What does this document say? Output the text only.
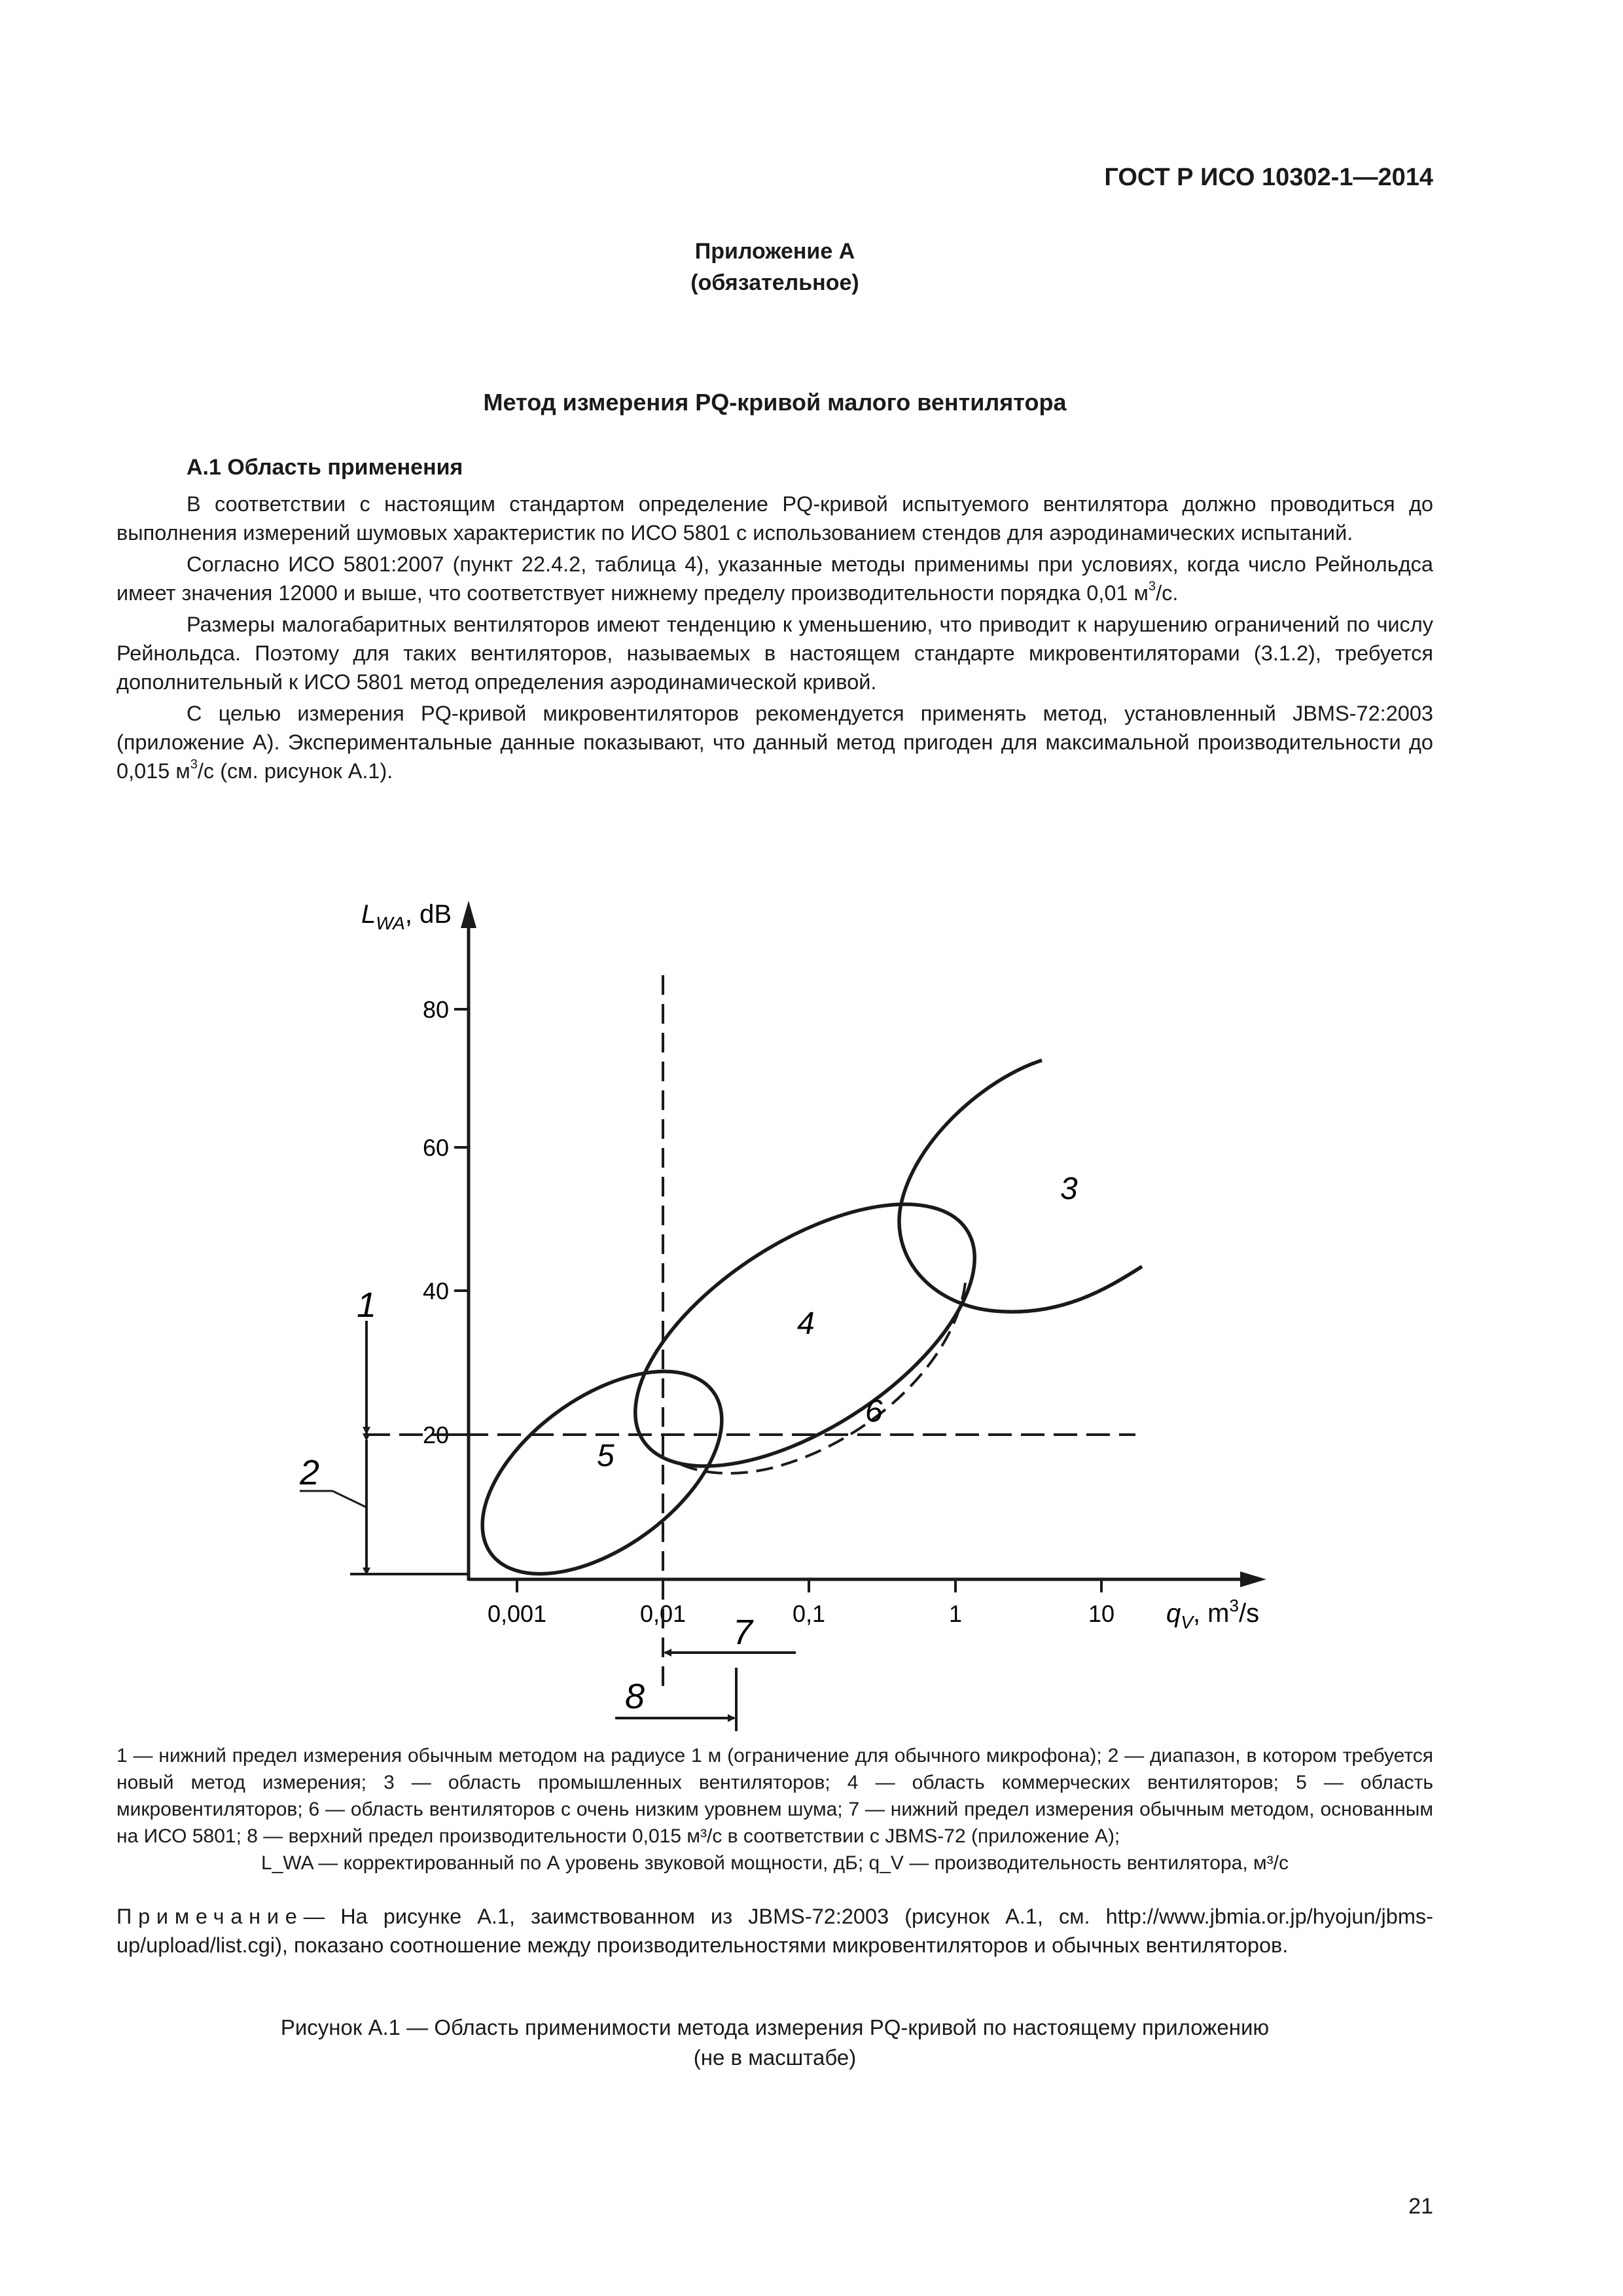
ГОСТ Р ИСО 10302-1—2014
Приложение А
(обязательное)
Метод измерения PQ-кривой малого вентилятора
А.1 Область применения

В соответствии с настоящим стандартом определение PQ-кривой испытуемого вентилятора должно проводиться до выполнения измерений шумовых характеристик по ИСО 5801 с использованием стендов для аэродинамических испытаний.

Согласно ИСО 5801:2007 (пункт 22.4.2, таблица 4), указанные методы применимы при условиях, когда число Рейнольдса имеет значения 12000 и выше, что соответствует нижнему пределу производительности порядка 0,01 $м^3/с$.

Размеры малогабаритных вентиляторов имеют тенденцию к уменьшению, что приводит к нарушению ограничений по числу Рейнольдса. Поэтому для таких вентиляторов, называемых в настоящем стандарте микровентиляторами (3.1.2), требуется дополнительный к ИСО 5801 метод определения аэродинамической кривой.

С целью измерения PQ-кривой микровентиляторов рекомендуется применять метод, установленный JBMS-72:2003 (приложение А). Экспериментальные данные показывают, что данный метод пригоден для максимальной производительности до 0,015 $м^3/с$ (см. рисунок А.1).

80
60
40
20
0,001	0,01	0,1	1	10
$L_{WA}$, dB
$q_V$, $m^3/s$
3
4
5
6
1
2
7
8
1 — нижний предел измерения обычным методом на радиусе 1 м (ограничение для обычного микрофона); 2 — диапазон, в котором требуется новый метод измерения; 3 — область промышленных вентиляторов; 4 — область коммерческих вентиляторов; 5 — область микровентиляторов; 6 — область вентиляторов с очень низким уровнем шума; 7 — нижний предел измерения обычным методом, основанным на ИСО 5801; 8 — верхний предел производительности 0,015 м³/с в соответствии с JBMS-72 (приложение А);
L_WA — корректированный по А уровень звуковой мощности, дБ; q_V — производительность вентилятора, м³/с
Примечание— На рисунке А.1, заимствованном из JBMS-72:2003 (рисунок А.1, см. http://www.jbmia.or.jp/hyojun/jbms-up/upload/list.cgi), показано соотношение между производительностями микровентиляторов и обычных вентиляторов.
Рисунок А.1 — Область применимости метода измерения PQ-кривой по настоящему приложению
(не в масштабе)
21
